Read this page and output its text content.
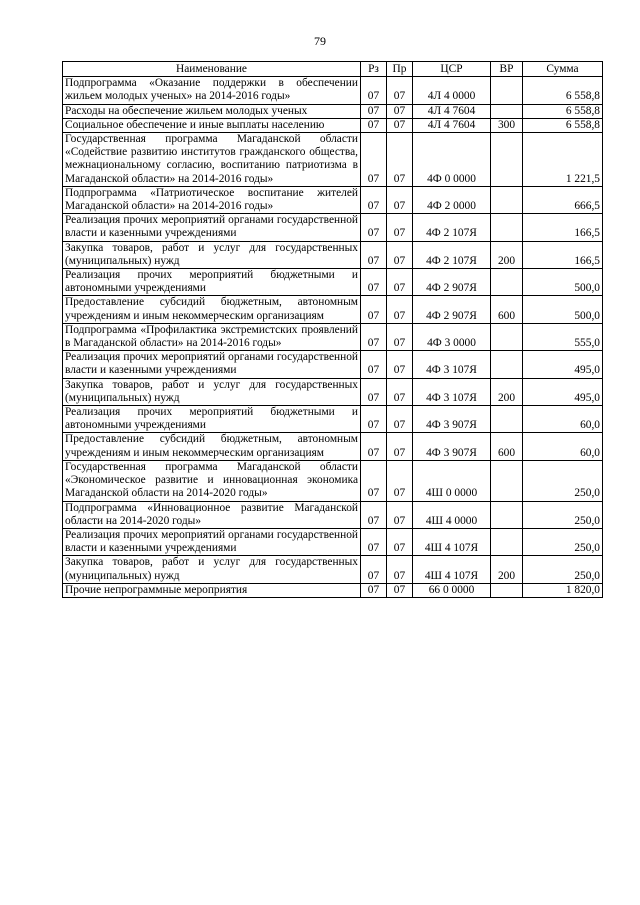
79
Наименование	Рз	Пр	ЦСР	ВР	Сумма
Подпрограмма «Оказание поддержки в обеспечении жильем молодых ученых» на 2014-2016 годы»	07	07	4Л 4 0000		6 558,8
Расходы на обеспечение жильем молодых ученых	07	07	4Л 4 7604		6 558,8
Социальное обеспечение и иные выплаты населению	07	07	4Л 4 7604	300	6 558,8
Государственная программа Магаданской области «Содействие развитию институтов гражданского общества, межнациональному согласию, воспитанию патриотизма в Магаданской области» на 2014-2016 годы»	07	07	4Ф 0 0000		1 221,5
Подпрограмма «Патриотическое воспитание жителей Магаданской области» на 2014-2016 годы»	07	07	4Ф 2 0000		666,5
Реализация прочих мероприятий органами государственной власти и казенными учреждениями	07	07	4Ф 2 107Я		166,5
Закупка товаров, работ и услуг для государственных (муниципальных) нужд	07	07	4Ф 2 107Я	200	166,5
Реализация прочих мероприятий бюджетными и автономными учреждениями	07	07	4Ф 2 907Я		500,0
Предоставление субсидий бюджетным, автономным учреждениям и иным некоммерческим организациям	07	07	4Ф 2 907Я	600	500,0
Подпрограмма «Профилактика экстремистских проявлений в Магаданской области» на 2014-2016 годы»	07	07	4Ф 3 0000		555,0
Реализация прочих мероприятий органами государственной власти и казенными учреждениями	07	07	4Ф 3 107Я		495,0
Закупка товаров, работ и услуг для государственных (муниципальных) нужд	07	07	4Ф 3 107Я	200	495,0
Реализация прочих мероприятий бюджетными и автономными учреждениями	07	07	4Ф 3 907Я		60,0
Предоставление субсидий бюджетным, автономным учреждениям и иным некоммерческим организациям	07	07	4Ф 3 907Я	600	60,0
Государственная программа Магаданской области «Экономическое развитие и инновационная экономика Магаданской области на 2014-2020 годы»	07	07	4Ш 0 0000		250,0
Подпрограмма «Инновационное развитие Магаданской области на 2014-2020 годы»	07	07	4Ш 4 0000		250,0
Реализация прочих мероприятий органами государственной власти и казенными учреждениями	07	07	4Ш 4 107Я		250,0
Закупка товаров, работ и услуг для государственных (муниципальных) нужд	07	07	4Ш 4 107Я	200	250,0
Прочие непрограммные мероприятия	07	07	66 0 0000		1 820,0
